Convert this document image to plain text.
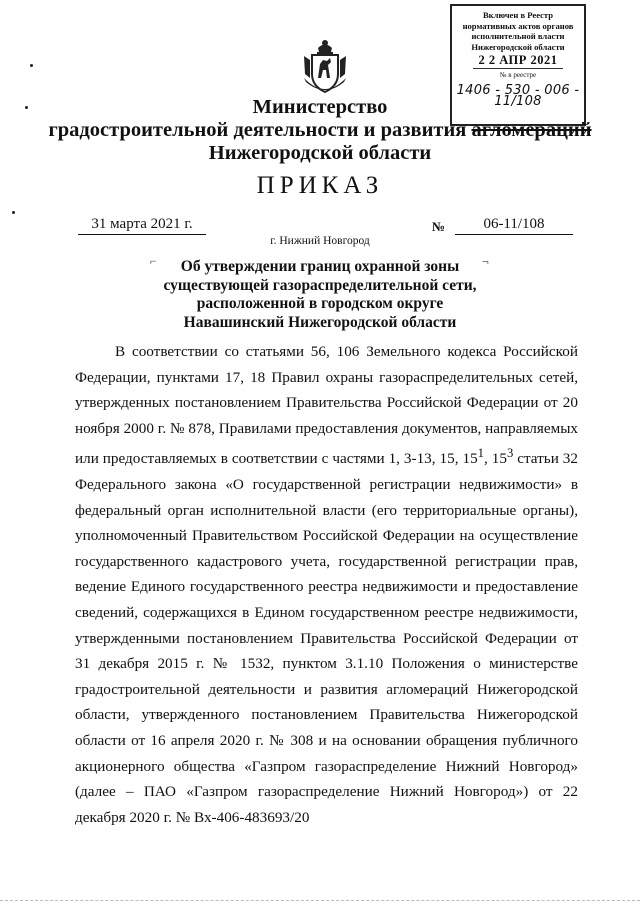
Включен в Реестр
нормативных актов органов
исполнительной власти
Нижегородской области
2 2 АПР 2021
№ в реестре
1406 - 530 - 006 - 11/108
Министерство
градостроительной деятельности и развития агломераций
Нижегородской области
ПРИКАЗ
31 марта 2021 г.	№	06-11/108
г. Нижний Новгород
⌐	¬
Об утверждении границ охранной зоны
существующей газораспределительной сети,
расположенной в городском округе
Навашинский Нижегородской области
В соответствии со статьями 56, 106 Земельного кодекса Российской Федерации, пунктами 17, 18 Правил охраны газораспределительных сетей, утвержденных постановлением Правительства Российской Федерации от 20 ноября 2000 г. № 878, Правилами предоставления документов, направляемых или предоставляемых в соответствии с частями 1, 3-13, 15, $15^1$, $15^3$ статьи 32 Федерального закона «О государственной регистрации недвижимости» в федеральный орган исполнительной власти (его территориальные органы), уполномоченный Правительством Российской Федерации на осуществление государственного кадастрового учета, государственной регистрации прав, ведение Единого государственного реестра недвижимости и предоставление сведений, содержащихся в Едином государственном реестре недвижимости, утвержденными постановлением Правительства Российской Федерации от 31 декабря 2015 г. № 1532, пунктом 3.1.10 Положения о министерстве градостроительной деятельности и развития агломераций Нижегородской области, утвержденного постановлением Правительства Нижегородской области от 16 апреля 2020 г. № 308 и на основании обращения публичного акционерного общества «Газпром газораспределение Нижний Новгород» (далее – ПАО «Газпром газораспределение Нижний Новгород») от 22 декабря 2020 г. № Вх-406-483693/20
